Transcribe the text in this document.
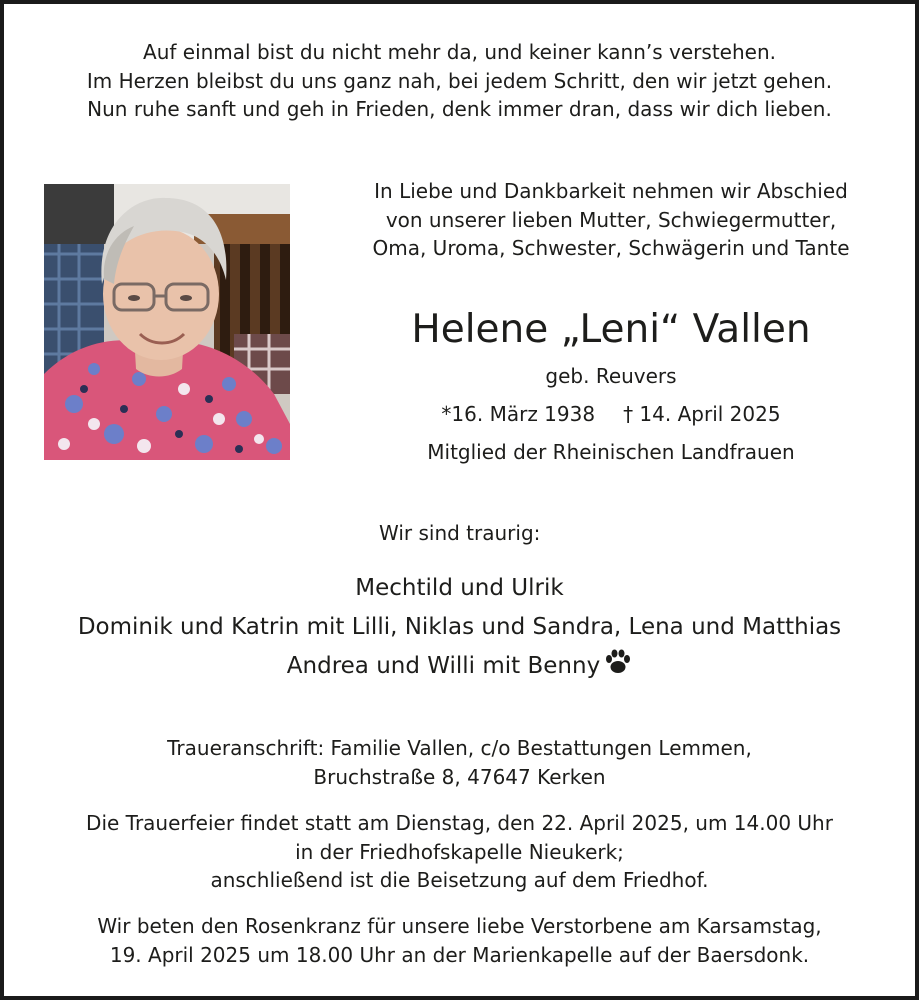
Auf einmal bist du nicht mehr da, und keiner kann’s verstehen.
Im Herzen bleibst du uns ganz nah, bei jedem Schritt, den wir jetzt gehen.
Nun ruhe sanft und geh in Frieden, denk immer dran, dass wir dich lieben.
In Liebe und Dankbarkeit nehmen wir Abschied
von unserer lieben Mutter, Schwiegermutter,
Oma, Uroma, Schwester, Schwägerin und Tante
Helene „Leni“ Vallen
geb. Reuvers
*16. März 1938 † 14. April 2025
Mitglied der Rheinischen Landfrauen
Wir sind traurig:
Mechtild und Ulrik
Dominik und Katrin mit Lilli, Niklas und Sandra, Lena und Matthias
Andrea und Willi mit Benny
Traueranschrift: Familie Vallen, c/o Bestattungen Lemmen,
Bruchstraße 8, 47647 Kerken
Die Trauerfeier findet statt am Dienstag, den 22. April 2025, um 14.00 Uhr
in der Friedhofskapelle Nieukerk;
anschließend ist die Beisetzung auf dem Friedhof.
Wir beten den Rosenkranz für unsere liebe Verstorbene am Karsamstag,
19. April 2025 um 18.00 Uhr an der Marienkapelle auf der Baersdonk.
